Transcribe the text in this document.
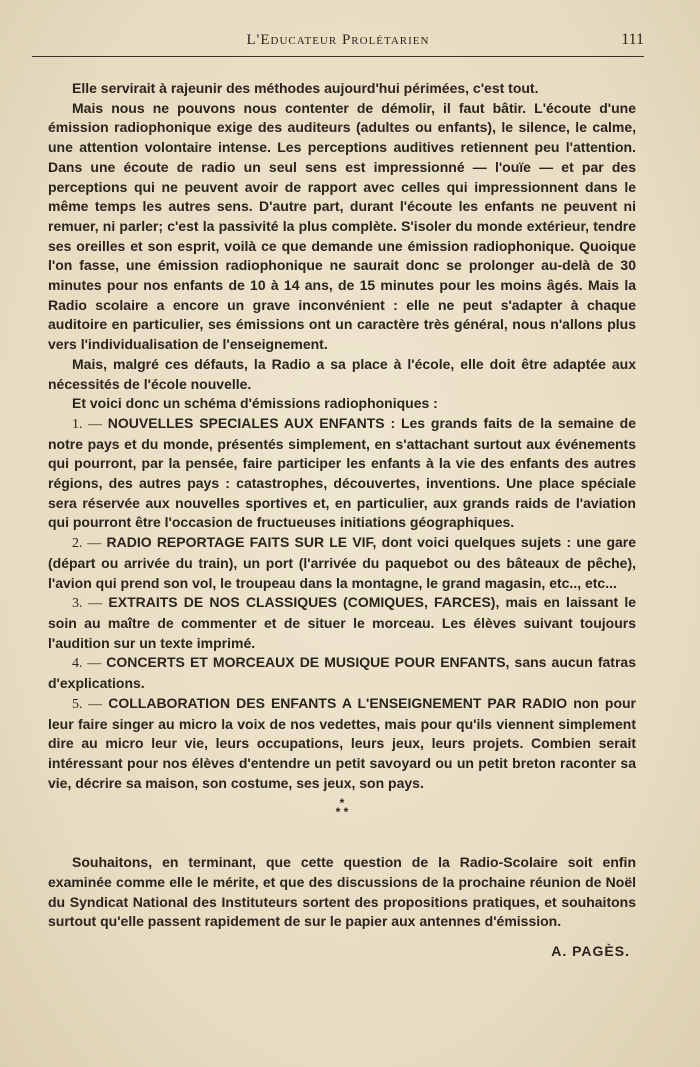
L'Educateur Prolétarien	111

Elle servirait à rajeunir des méthodes aujourd'hui périmées, c'est tout.

Mais nous ne pouvons nous contenter de démolir, il faut bâtir. L'écoute d'une émission radiophonique exige des auditeurs (adultes ou enfants), le silence, le calme, une attention volontaire intense. Les perceptions auditives retiennent peu l'attention. Dans une écoute de radio un seul sens est impressionné — l'ouïe — et par des perceptions qui ne peuvent avoir de rapport avec celles qui impressionnent dans le même temps les autres sens. D'autre part, durant l'écoute les enfants ne peuvent ni remuer, ni parler; c'est la passivité la plus complète. S'isoler du monde extérieur, tendre ses oreilles et son esprit, voilà ce que demande une émission radiophonique. Quoique l'on fasse, une émission radiophonique ne saurait donc se prolonger au-delà de 30 minutes pour nos enfants de 10 à 14 ans, de 15 minutes pour les moins âgés. Mais la Radio scolaire a encore un grave inconvénient : elle ne peut s'adapter à chaque auditoire en particulier, ses émissions ont un caractère très général, nous n'allons plus vers l'individualisation de l'enseignement.

Mais, malgré ces défauts, la Radio a sa place à l'école, elle doit être adaptée aux nécessités de l'école nouvelle.

Et voici donc un schéma d'émissions radiophoniques :

1. — NOUVELLES SPECIALES AUX ENFANTS : Les grands faits de la semaine de notre pays et du monde, présentés simplement, en s'attachant surtout aux événements qui pourront, par la pensée, faire participer les enfants à la vie des enfants des autres régions, des autres pays : catastrophes, découvertes, inventions. Une place spéciale sera réservée aux nouvelles sportives et, en particulier, aux grands raids de l'aviation qui pourront être l'occasion de fructueuses initiations géographiques.

2. — RADIO REPORTAGE FAITS SUR LE VIF, dont voici quelques sujets : une gare (départ ou arrivée du train), un port (l'arrivée du paquebot ou des bâteaux de pêche), l'avion qui prend son vol, le troupeau dans la montagne, le grand magasin, etc.., etc...

3. — EXTRAITS DE NOS CLASSIQUES (COMIQUES, FARCES), mais en laissant le soin au maître de commenter et de situer le morceau. Les élèves suivant toujours l'audition sur un texte imprimé.

4. — CONCERTS ET MORCEAUX DE MUSIQUE POUR ENFANTS, sans aucun fatras d'explications.

5. — COLLABORATION DES ENFANTS A L'ENSEIGNEMENT PAR RADIO non pour leur faire singer au micro la voix de nos vedettes, mais pour qu'ils viennent simplement dire au micro leur vie, leurs occupations, leurs jeux, leurs projets. Combien serait intéressant pour nos élèves d'entendre un petit savoyard ou un petit breton raconter sa vie, décrire sa maison, son costume, ses jeux, son pays.

*
* *

Souhaitons, en terminant, que cette question de la Radio-Scolaire soit enfin examinée comme elle le mérite, et que des discussions de la prochaine réunion de Noël du Syndicat National des Instituteurs sortent des propositions pratiques, et souhaitons surtout qu'elle passent rapidement de sur le papier aux antennes d'émission.

A. PAGÈS.
